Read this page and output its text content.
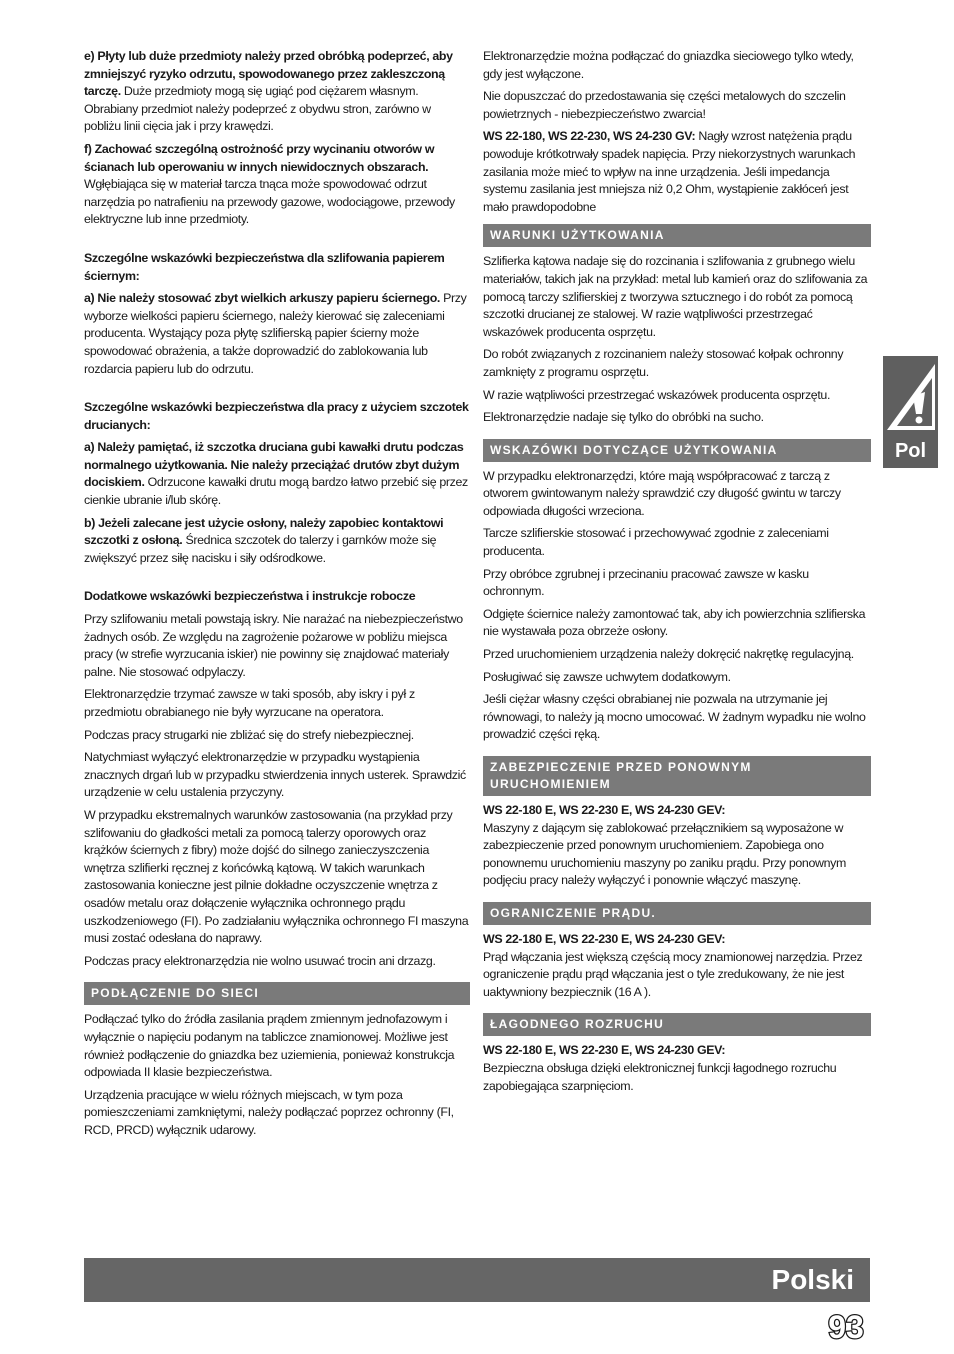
e) Płyty lub duże przedmioty należy przed obróbką podeprzeć, aby zmniejszyć ryzyko odrzutu, spowodowanego przez zakleszczoną tarczę. Duże przedmioty mogą się ugiąć pod ciężarem własnym. Obrabiany przedmiot należy podeprzeć z obydwu stron, zarówno w pobliżu linii cięcia jak i przy krawędzi.

f) Zachować szczególną ostrożność przy wycinaniu otworów w ścianach lub operowaniu w innych niewidocznych obszarach. Wgłębiająca się w materiał tarcza tnąca może spowodować odrzut narzędzia po natrafieniu na przewody gazowe, wodociągowe, przewody elektryczne lub inne przedmioty.

Szczególne wskazówki bezpieczeństwa dla szlifowania papierem ściernym:

a) Nie należy stosować zbyt wielkich arkuszy papieru ściernego. Przy wyborze wielkości papieru ściernego, należy kierować się zaleceniami producenta. Wystający poza płytę szlifierską papier ścierny może spowodować obrażenia, a także doprowadzić do zablokowania lub rozdarcia papieru lub do odrzutu.

Szczególne wskazówki bezpieczeństwa dla pracy z użyciem szczotek drucianych:

a) Należy pamiętać, iż szczotka druciana gubi kawałki drutu podczas normalnego użytkowania. Nie należy przeciążać drutów zbyt dużym dociskiem. Odrzucone kawałki drutu mogą bardzo łatwo przebić się przez cienkie ubranie i/lub skórę.

b) Jeżeli zalecane jest użycie osłony, należy zapobiec kontaktowi szczotki z osłoną. Średnica szczotek do talerzy i garnków może się zwiększyć przez siłę nacisku i siły odśrodkowe.

Dodatkowe wskazówki bezpieczeństwa i instrukcje robocze

Przy szlifowaniu metali powstają iskry. Nie narażać na niebezpieczeństwo żadnych osób. Ze względu na zagrożenie pożarowe w pobliżu miejsca pracy (w strefie wyrzucania iskier) nie powinny się znajdować materiały palne. Nie stosować odpylaczy.

Elektronarzędzie trzymać zawsze w taki sposób, aby iskry i pył z przedmiotu obrabianego nie były wyrzucane na operatora.

Podczas pracy strugarki nie zbliżać się do strefy niebezpiecznej.

Natychmiast wyłączyć elektronarzędzie w przypadku wystąpienia znacznych drgań lub w przypadku stwierdzenia innych usterek. Sprawdzić urządzenie w celu ustalenia przyczyny.

W przypadku ekstremalnych warunków zastosowania (na przykład przy szlifowaniu do gładkości metali za pomocą talerzy oporowych oraz krążków ściernych z fibry) może dojść do silnego zanieczyszczenia wnętrza szlifierki ręcznej z końcówką kątową. W takich warunkach zastosowania konieczne jest pilnie dokładne oczyszczenie wnętrza z osadów metalu oraz dołączenie wyłącznika ochronnego prądu uszkodzeniowego (FI). Po zadziałaniu wyłącznika ochronnego FI maszyna musi zostać odesłana do naprawy.

Podczas pracy elektronarzędzia nie wolno usuwać trocin ani drzazg.

PODŁĄCZENIE DO SIECI

Podłączać tylko do źródła zasilania prądem zmiennym jednofazowym i wyłącznie o napięciu podanym na tabliczce znamionowej. Możliwe jest również podłączenie do gniazdka bez uziemienia, ponieważ konstrukcja odpowiada II klasie bezpieczeństwa.

Urządzenia pracujące w wielu różnych miejscach, w tym poza pomieszczeniami zamkniętymi, należy podłączać poprzez ochronny (FI, RCD, PRCD) wyłącznik udarowy.

Elektronarzędzie można podłączać do gniazdka sieciowego tylko wtedy, gdy jest wyłączone.

Nie dopuszczać do przedostawania się części metalowych do szczelin powietrznych - niebezpieczeństwo zwarcia!

WS 22-180, WS 22-230, WS 24-230 GV: Nagły wzrost natężenia prądu powoduje krótkotrwały spadek napięcia. Przy niekorzystnych warunkach zasilania może mieć to wpływ na inne urządzenia. Jeśli impedancja systemu zasilania jest mniejsza niż 0,2 Ohm, wystąpienie zakłóceń jest mało prawdopodobne

WARUNKI UŻYTKOWANIA

Szlifierka kątowa nadaje się do rozcinania i szlifowania z grubnego wielu materiałów, takich jak na przykład: metal lub kamień oraz do szlifowania za pomocą tarczy szlifierskiej z tworzywa sztucznego i do robót za pomocą szczotki drucianej ze stalowej. W razie wątpliwości przestrzegać wskazówek producenta osprzętu.

Do robót związanych z rozcinaniem należy stosować kołpak ochronny zamknięty z programu osprzętu.

W razie wątpliwości przestrzegać wskazówek producenta osprzętu.

Elektronarzędzie nadaje się tylko do obróbki na sucho.

WSKAZÓWKI DOTYCZĄCE UŻYTKOWANIA

W przypadku elektronarzędzi, które mają współpracować z tarczą z otworem gwintowanym należy sprawdzić czy długość gwintu w tarczy odpowiada długości wrzeciona.

Tarcze szlifierskie stosować i przechowywać zgodnie z zaleceniami producenta.

Przy obróbce zgrubnej i przecinaniu pracować zawsze w kasku ochronnym.

Odgięte ściernice należy zamontować tak, aby ich powierzchnia szlifierska nie wystawała poza obrzeże osłony.

Przed uruchomieniem urządzenia należy dokręcić nakrętkę regulacyjną.

Posługiwać się zawsze uchwytem dodatkowym.

Jeśli ciężar własny części obrabianej nie pozwala na utrzymanie jej równowagi, to należy ją mocno umocować. W żadnym wypadku nie wolno prowadzić części ręką.

ZABEZPIECZENIE PRZED PONOWNYM URUCHOMIENIEM

WS 22-180 E, WS 22-230 E, WS 24-230 GEV:

Maszyny z dającym się zablokować przełącznikiem są wyposażone w zabezpieczenie przed ponownym uruchomieniem. Zapobiega ono ponownemu uruchomieniu maszyny po zaniku prądu. Przy ponownym podjęciu pracy należy wyłączyć i ponownie włączyć maszynę.

OGRANICZENIE PRĄDU.

WS 22-180 E, WS 22-230 E, WS 24-230 GEV:

Prąd włączania jest większą częścią mocy znamionowej narzędzia. Przez ograniczenie prądu prąd włączania jest o tyle zredukowany, że nie jest uaktywniony bezpiecznik (16 A ).

ŁAGODNEGO ROZRUCHU

WS 22-180 E, WS 22-230 E, WS 24-230 GEV:

Bezpieczna obsługa dzięki elektronicznej funkcji łagodnego rozruchu zapobiegająca szarpnięciom.

Pol
Polski
93
